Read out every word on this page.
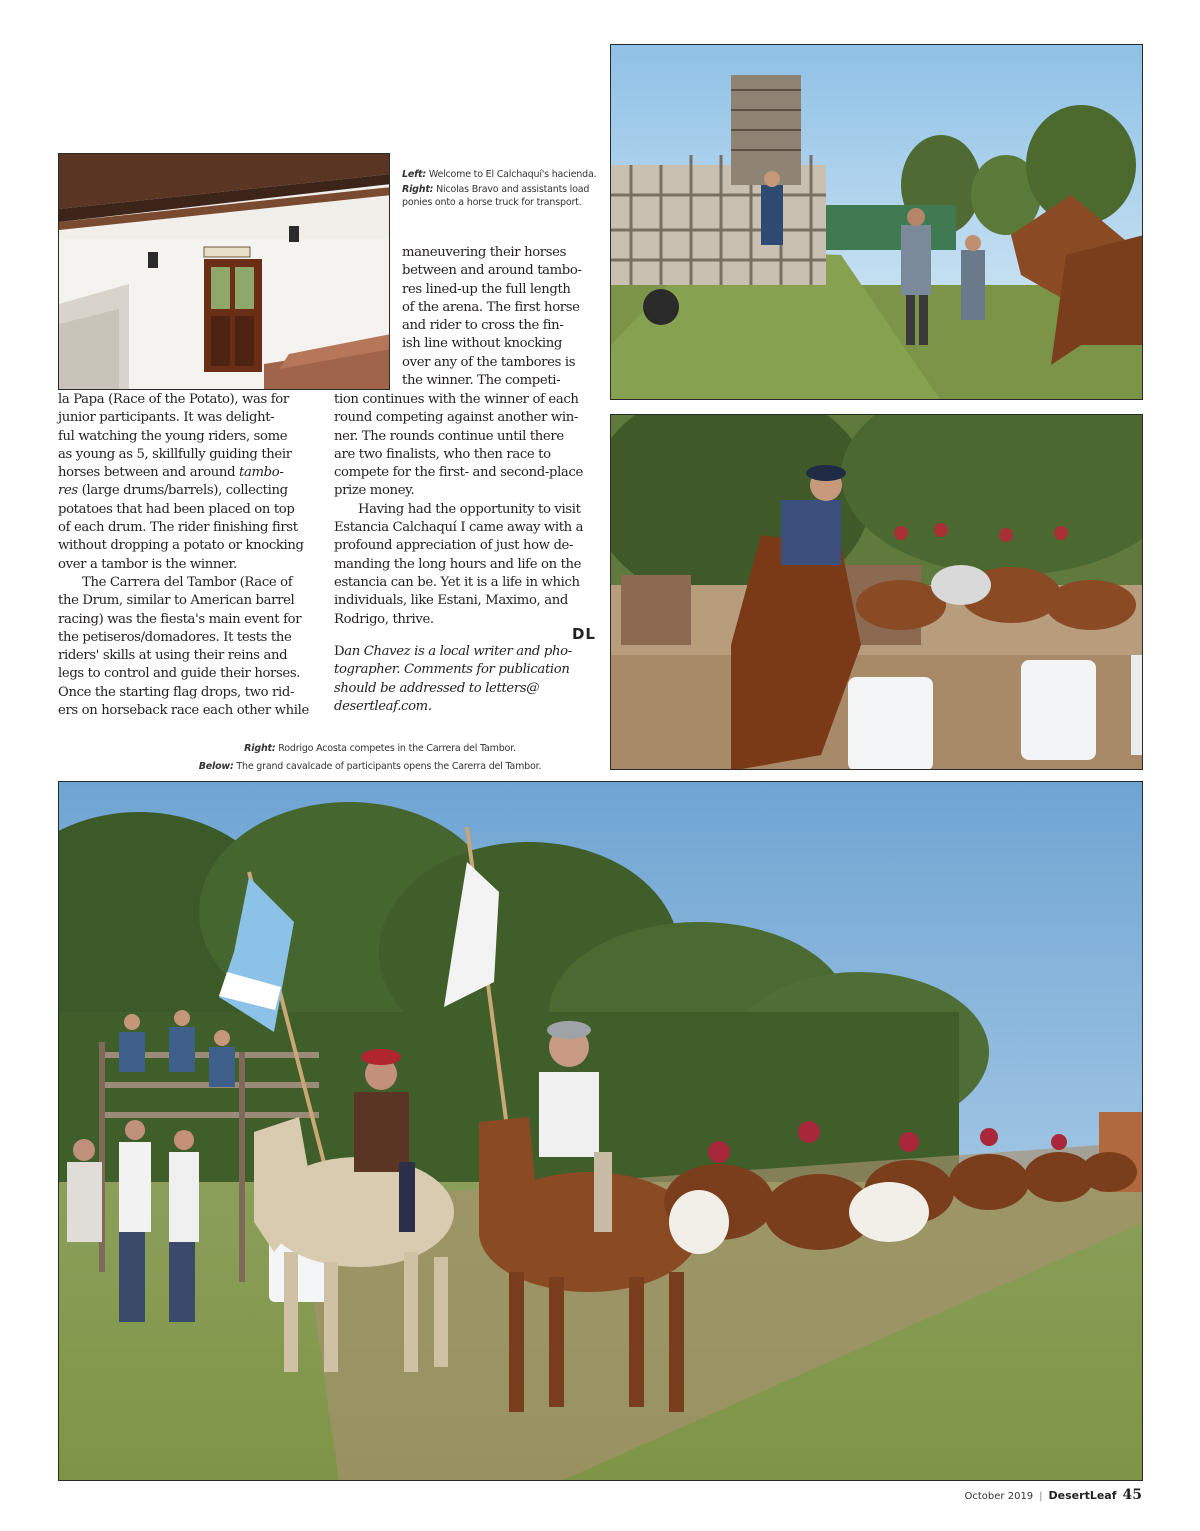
Left: Welcome to El Calchaquí's hacienda.
Right: Nicolas Bravo and assistants load ponies onto a horse truck for transport.

la Papa (Race of the Potato), was for
junior participants. It was delight-
ful watching the young riders, some
as young as 5, skillfully guiding their
horses between and around tambo-
res (large drums/barrels), collecting
potatoes that had been placed on top
of each drum. The rider finishing first
without dropping a potato or knocking
over a tambor is the winner.

The Carrera del Tambor (Race of
the Drum, similar to American barrel
racing) was the fiesta's main event for
the petiseros/domadores. It tests the
riders' skills at using their reins and
legs to control and guide their horses.
Once the starting flag drops, two rid-
ers on horseback race each other while

maneuvering their horses
between and around tambo-
res lined-up the full length
of the arena. The first horse
and rider to cross the fin-
ish line without knocking
over any of the tambores is
the winner. The competi-

tion continues with the winner of each
round competing against another win-
ner. The rounds continue until there
are two finalists, who then race to
compete for the first- and second-place
prize money.

Having had the opportunity to visit
Estancia Calchaquí I came away with a
profound appreciation of just how de-
manding the long hours and life on the
estancia can be. Yet it is a life in which
individuals, like Estani, Maximo, and
Rodrigo, thrive.

DL

Dan Chavez is a local writer and pho-
tographer. Comments for publication
should be addressed to letters@
desertleaf.com.

Right: Rodrigo Acosta competes in the Carrera del Tambor.
Below: The grand cavalcade of participants opens the Carerra del Tambor.
October 2019 | DesertLeaf 45
